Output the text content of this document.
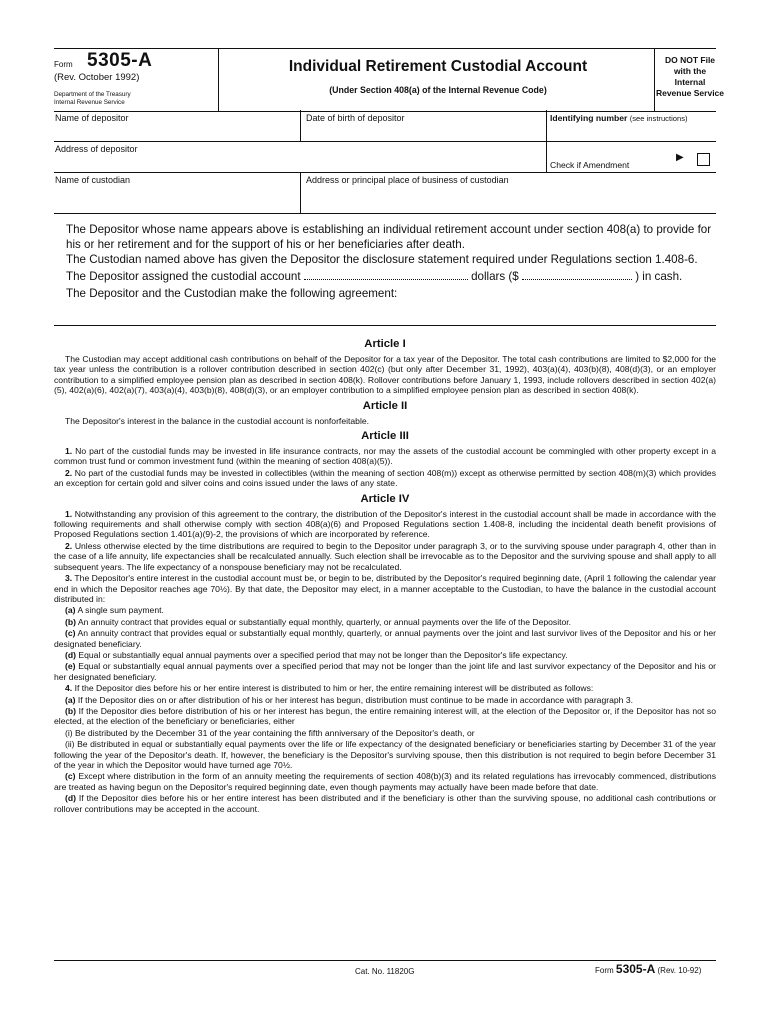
Form 5305-A
(Rev. October 1992)
Department of the Treasury
Internal Revenue Service
Individual Retirement Custodial Account
(Under Section 408(a) of the Internal Revenue Code)
DO NOT File
with the
Internal
Revenue Service
Name of depositor	Date of birth of depositor	Identifying number (see instructions)
Address of depositor
Check if Amendment
▶
Name of custodian	Address or principal place of business of custodian

The Depositor whose name appears above is establishing an individual retirement account under section 408(a) to provide for his or her retirement and for the support of his or her beneficiaries after death.

The Custodian named above has given the Depositor the disclosure statement required under Regulations section 1.408-6.

The Depositor assigned the custodial account	dollars ($	) in cash.

The Depositor and the Custodian make the following agreement:

Article I

The Custodian may accept additional cash contributions on behalf of the Depositor for a tax year of the Depositor. The total cash contributions are limited to $2,000 for the tax year unless the contribution is a rollover contribution described in section 402(c) (but only after December 31, 1992), 403(a)(4), 403(b)(8), 408(d)(3), or an employer contribution to a simplified employee pension plan as described in section 408(k). Rollover contributions before January 1, 1993, include rollovers described in section 402(a)(5), 402(a)(6), 402(a)(7), 403(a)(4), 403(b)(8), 408(d)(3), or an employer contribution to a simplified employee pension plan as described in section 408(k).

Article II

The Depositor's interest in the balance in the custodial account is nonforfeitable.

Article III

1. No part of the custodial funds may be invested in life insurance contracts, nor may the assets of the custodial account be commingled with other property except in a common trust fund or common investment fund (within the meaning of section 408(a)(5)).

2. No part of the custodial funds may be invested in collectibles (within the meaning of section 408(m)) except as otherwise permitted by section 408(m)(3) which provides an exception for certain gold and silver coins and coins issued under the laws of any state.

Article IV

1. Notwithstanding any provision of this agreement to the contrary, the distribution of the Depositor's interest in the custodial account shall be made in accordance with the following requirements and shall otherwise comply with section 408(a)(6) and Proposed Regulations section 1.408-8, including the incidental death benefit provisions of Proposed Regulations section 1.401(a)(9)-2, the provisions of which are incorporated by reference.

2. Unless otherwise elected by the time distributions are required to begin to the Depositor under paragraph 3, or to the surviving spouse under paragraph 4, other than in the case of a life annuity, life expectancies shall be recalculated annually. Such election shall be irrevocable as to the Depositor and the surviving spouse and shall apply to all subsequent years. The life expectancy of a nonspouse beneficiary may not be recalculated.

3. The Depositor's entire interest in the custodial account must be, or begin to be, distributed by the Depositor's required beginning date, (April 1 following the calendar year end in which the Depositor reaches age 70½). By that date, the Depositor may elect, in a manner acceptable to the Custodian, to have the balance in the custodial account distributed in:

(a) A single sum payment.

(b) An annuity contract that provides equal or substantially equal monthly, quarterly, or annual payments over the life of the Depositor.

(c) An annuity contract that provides equal or substantially equal monthly, quarterly, or annual payments over the joint and last survivor lives of the Depositor and his or her designated beneficiary.

(d) Equal or substantially equal annual payments over a specified period that may not be longer than the Depositor's life expectancy.

(e) Equal or substantially equal annual payments over a specified period that may not be longer than the joint life and last survivor expectancy of the Depositor and his or her designated beneficiary.

4. If the Depositor dies before his or her entire interest is distributed to him or her, the entire remaining interest will be distributed as follows:

(a) If the Depositor dies on or after distribution of his or her interest has begun, distribution must continue to be made in accordance with paragraph 3.

(b) If the Depositor dies before distribution of his or her interest has begun, the entire remaining interest will, at the election of the Depositor or, if the Depositor has not so elected, at the election of the beneficiary or beneficiaries, either

(i) Be distributed by the December 31 of the year containing the fifth anniversary of the Depositor's death, or

(ii) Be distributed in equal or substantially equal payments over the life or life expectancy of the designated beneficiary or beneficiaries starting by December 31 of the year following the year of the Depositor's death. If, however, the beneficiary is the Depositor's surviving spouse, then this distribution is not required to begin before December 31 of the year in which the Depositor would have turned age 70½.

(c) Except where distribution in the form of an annuity meeting the requirements of section 408(b)(3) and its related regulations has irrevocably commenced, distributions are treated as having begun on the Depositor's required beginning date, even though payments may actually have been made before that date.

(d) If the Depositor dies before his or her entire interest has been distributed and if the beneficiary is other than the surviving spouse, no additional cash contributions or rollover contributions may be accepted in the account.

Cat. No. 11820G	Form 5305-A (Rev. 10-92)
